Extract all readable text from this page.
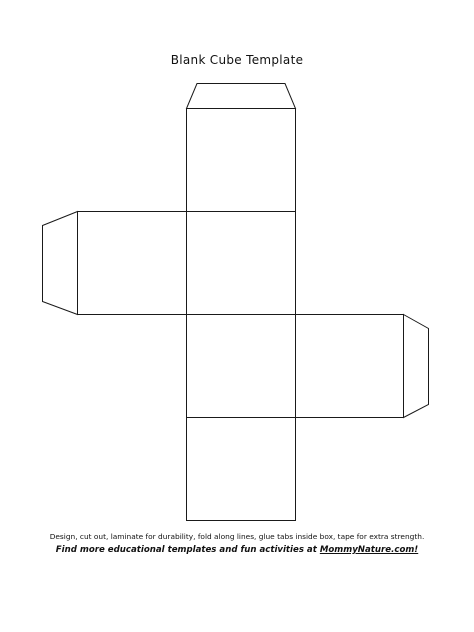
Blank Cube Template
Design, cut out, laminate for durability, fold along lines, glue tabs inside box, tape for extra strength.
Find more educational templates and fun activities at MommyNature.com!
